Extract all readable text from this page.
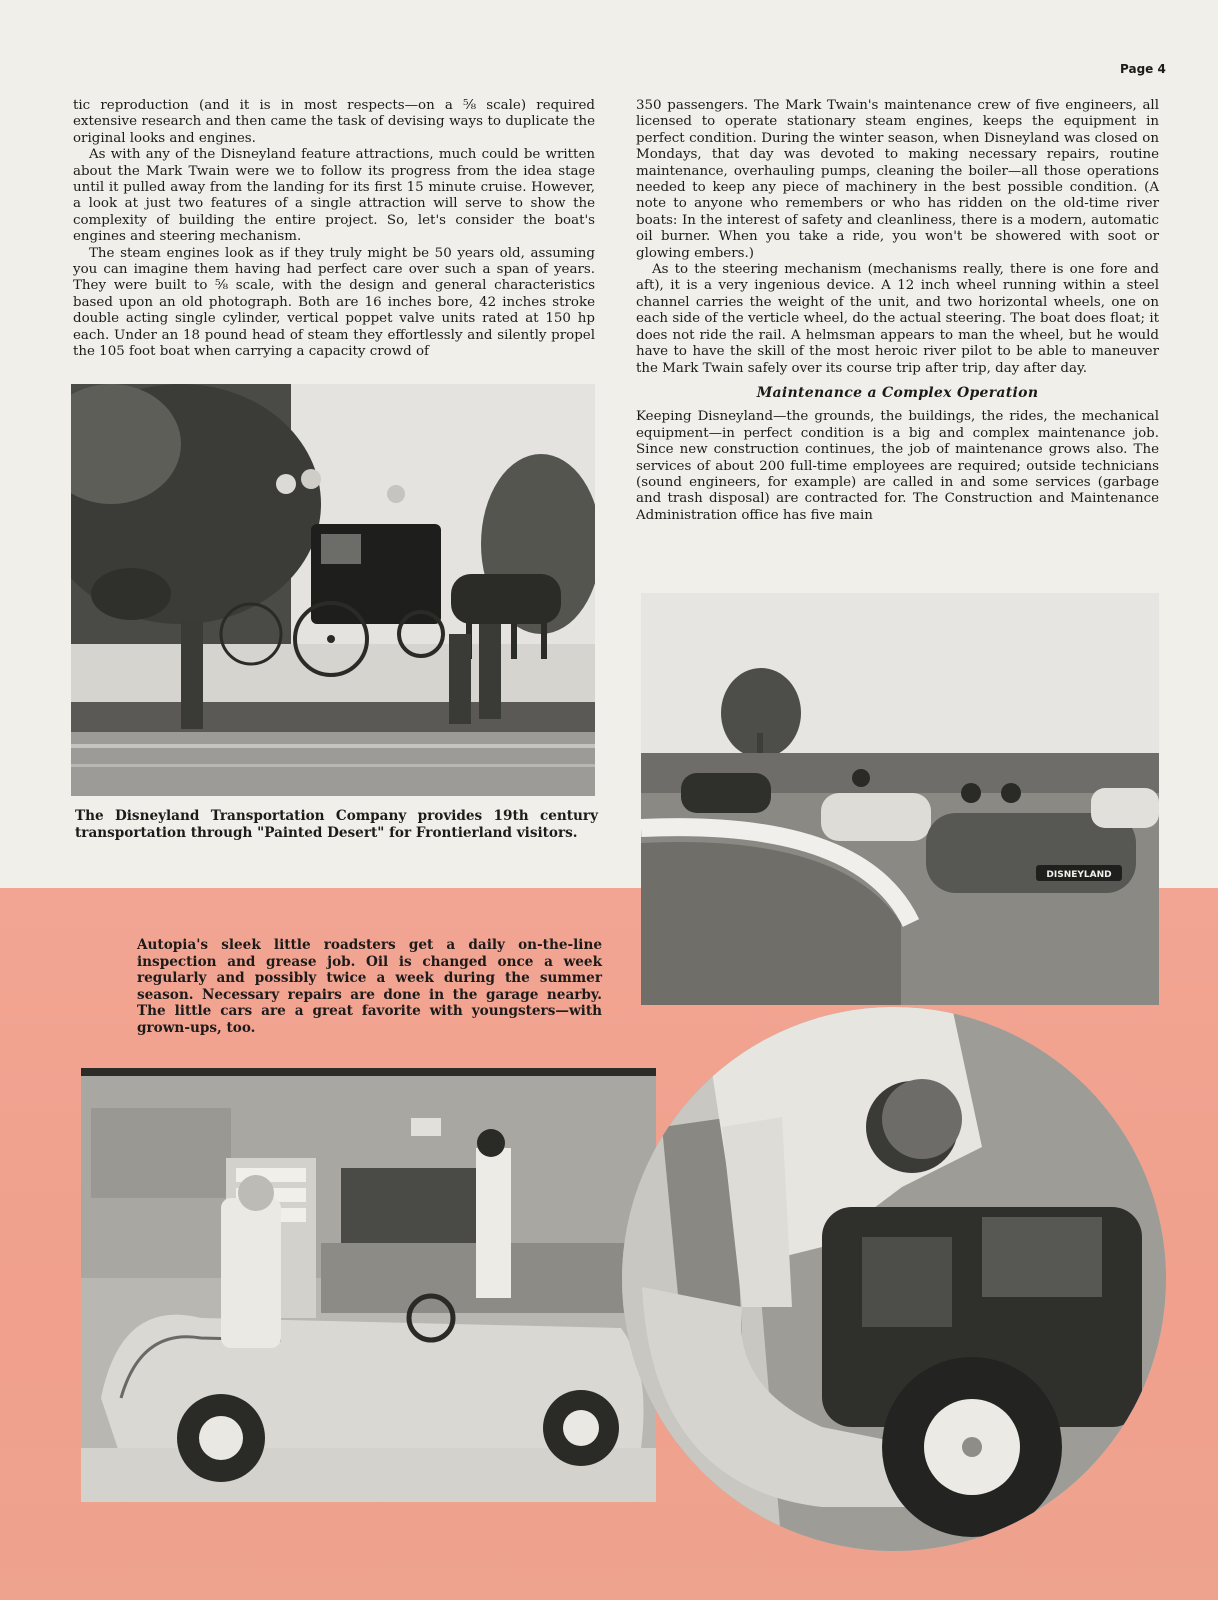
Page 4

tic reproduction (and it is in most respects—on a ⅝ scale) required extensive research and then came the task of devising ways to duplicate the original looks and engines.

As with any of the Disneyland feature attractions, much could be written about the Mark Twain were we to follow its progress from the idea stage until it pulled away from the landing for its first 15 minute cruise. However, a look at just two features of a single attraction will serve to show the complexity of building the entire project. So, let's consider the boat's engines and steering mechanism.

The steam engines look as if they truly might be 50 years old, assuming you can imagine them having had perfect care over such a span of years. They were built to ⅝ scale, with the design and general characteristics based upon an old photograph. Both are 16 inches bore, 42 inches stroke double acting single cylinder, vertical poppet valve units rated at 150 hp each. Under an 18 pound head of steam they effortlessly and silently propel the 105 foot boat when carrying a capacity crowd of

350 passengers. The Mark Twain's maintenance crew of five engineers, all licensed to operate stationary steam engines, keeps the equipment in perfect condition. During the winter season, when Disneyland was closed on Mondays, that day was devoted to making necessary repairs, routine maintenance, overhauling pumps, cleaning the boiler—all those operations needed to keep any piece of machinery in the best possible condition. (A note to anyone who remembers or who has ridden on the old-time river boats: In the interest of safety and cleanliness, there is a modern, automatic oil burner. When you take a ride, you won't be showered with soot or glowing embers.)

As to the steering mechanism (mechanisms really, there is one fore and aft), it is a very ingenious device. A 12 inch wheel running within a steel channel carries the weight of the unit, and two horizontal wheels, one on each side of the verticle wheel, do the actual steering. The boat does float; it does not ride the rail. A helmsman appears to man the wheel, but he would have to have the skill of the most heroic river pilot to be able to maneuver the Mark Twain safely over its course trip after trip, day after day.

Maintenance a Complex Operation

Keeping Disneyland—the grounds, the buildings, the rides, the mechanical equipment—in perfect condition is a big and complex maintenance job. Since new construction continues, the job of maintenance grows also. The services of about 200 full-time employees are required; outside technicians (sound engineers, for example) are called in and some services (garbage and trash disposal) are contracted for. The Construction and Maintenance Administration office has five main

The Disneyland Transportation Company provides 19th century transportation through "Painted Desert" for Frontierland visitors.
DISNEYLAND
Autopia's sleek little roadsters get a daily on-the-line inspection and grease job. Oil is changed once a week regularly and possibly twice a week during the summer season. Necessary repairs are done in the garage nearby. The little cars are a great favorite with youngsters—with grown-ups, too.
